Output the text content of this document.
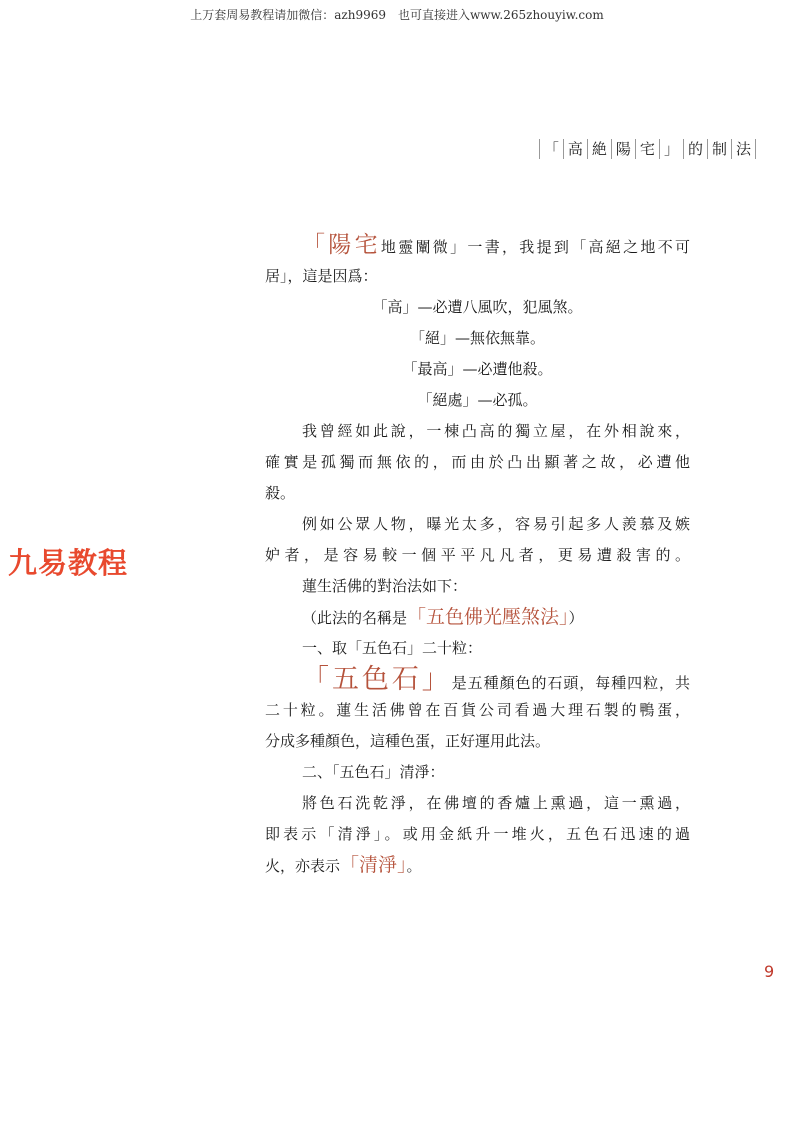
上万套周易教程请加微信：azh9969　也可直接进入www.265zhouyiw.com
「 高 絶 陽 宅 」 的 制 法
九易教程
「陽宅地靈闡微」一書，我提到「高絕之地不可
居」，這是因爲：
「高」—必遭八風吹，犯風煞。
「絕」—無依無靠。
「最高」—必遭他殺。
「絕處」—必孤。
我曾經如此說，一棟凸高的獨立屋，在外相說來，
確實是孤獨而無依的，而由於凸出顯著之故，必遭他
殺。
例如公眾人物，曝光太多，容易引起多人羨慕及嫉
妒者，是容易較一個平平凡凡者，更易遭殺害的。
蓮生活佛的對治法如下：
（此法的名稱是「五色佛光壓煞法」）
一、取「五色石」二十粒：
「五色石」是五種顏色的石頭，每種四粒，共
二十粒。蓮生活佛曾在百貨公司看過大理石製的鴨蛋，
分成多種顏色，這種色蛋，正好運用此法。
二、「五色石」清淨：
將色石洗乾淨，在佛壇的香爐上熏過，這一熏過，
即表示「清淨」。或用金紙升一堆火，五色石迅速的過
火，亦表示「清淨」。
9
